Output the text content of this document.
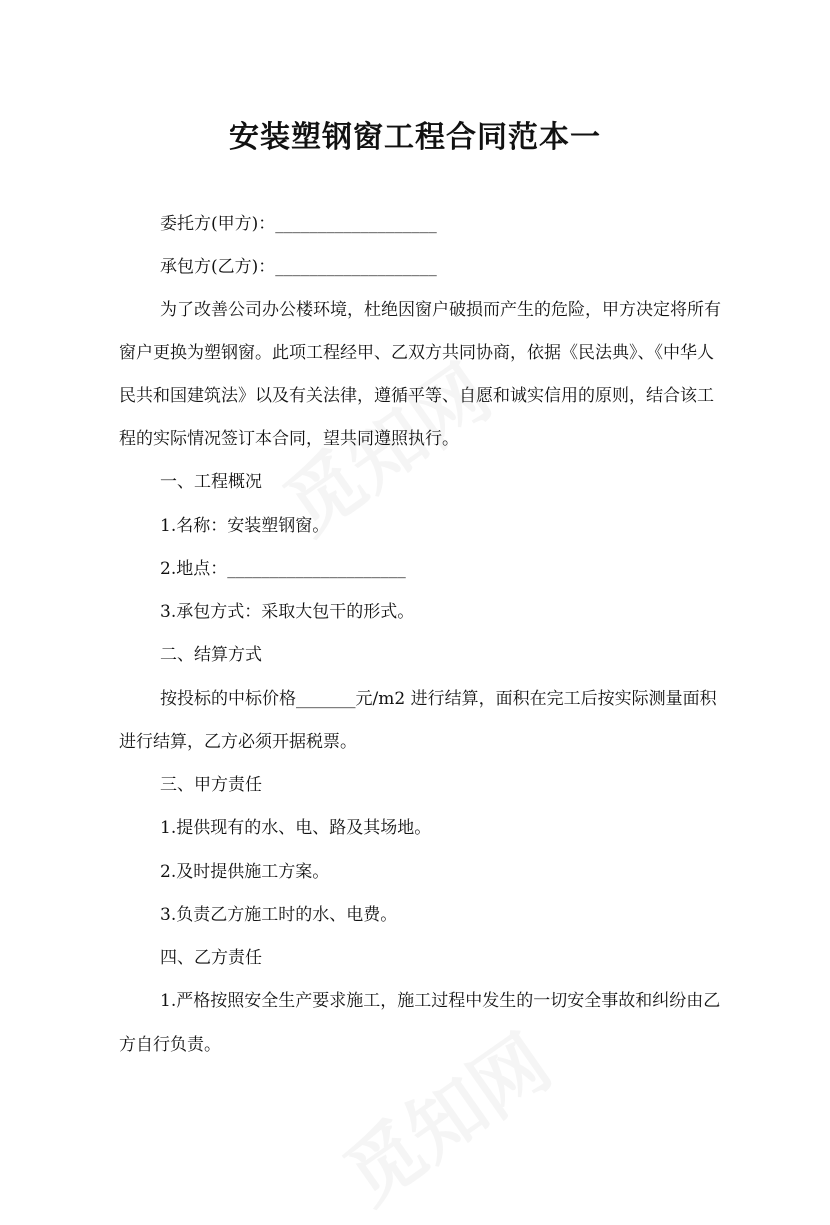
安装塑钢窗工程合同范本一
委托方(甲方)：___________________
承包方(乙方)：___________________
为了改善公司办公楼环境，杜绝因窗户破损而产生的危险，甲方决定将所有
窗户更换为塑钢窗。此项工程经甲、乙双方共同协商，依据《民法典》、《中华人
民共和国建筑法》以及有关法律，遵循平等、自愿和诚实信用的原则，结合该工
程的实际情况签订本合同，望共同遵照执行。
一、工程概况
1.名称：安装塑钢窗。
2.地点：_____________________
3.承包方式：采取大包干的形式。
二、结算方式
按投标的中标价格_______元/m2 进行结算，面积在完工后按实际测量面积
进行结算，乙方必须开据税票。
三、甲方责任
1.提供现有的水、电、路及其场地。
2.及时提供施工方案。
3.负责乙方施工时的水、电费。
四、乙方责任
1.严格按照安全生产要求施工，施工过程中发生的一切安全事故和纠纷由乙
方自行负责。
